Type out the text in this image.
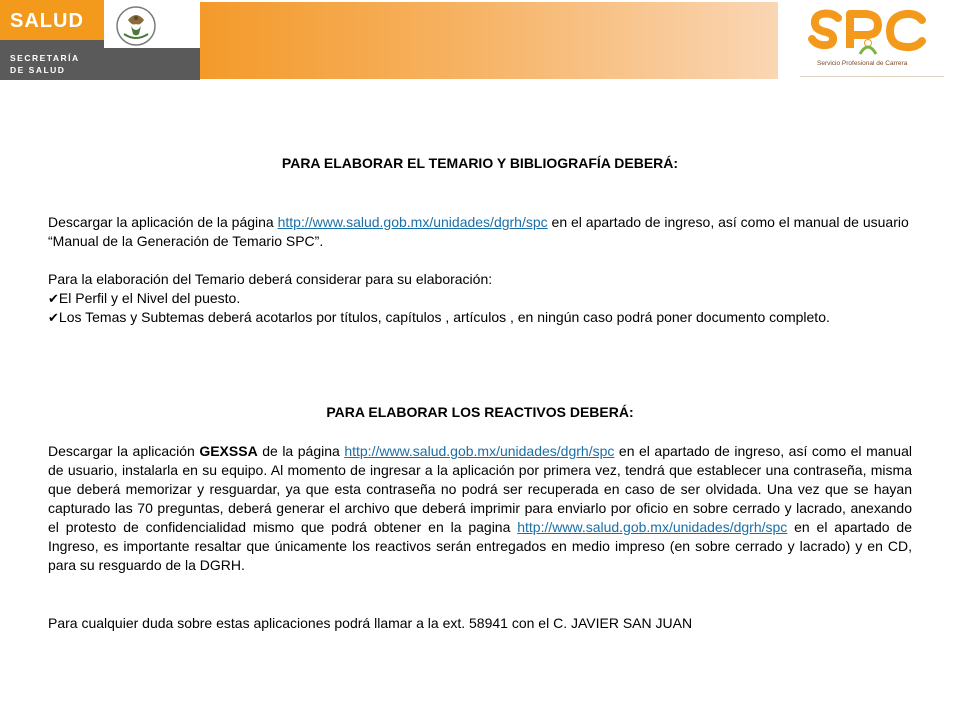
SALUD
SECRETARÍA
DE SALUD
Servicio Profesional de Carrera
PARA ELABORAR EL TEMARIO Y BIBLIOGRAFÍA DEBERÁ:
Descargar la aplicación de la página http://www.salud.gob.mx/unidades/dgrh/spc en el apartado de ingreso, así como el manual de usuario “Manual de la Generación de Temario SPC”.
Para la elaboración del Temario deberá considerar para su elaboración:
✔El Perfil y el Nivel del puesto.
✔Los Temas y Subtemas deberá acotarlos por títulos, capítulos , artículos , en ningún caso podrá poner documento completo.
PARA ELABORAR LOS REACTIVOS DEBERÁ:
Descargar la aplicación GEXSSA de la página http://www.salud.gob.mx/unidades/dgrh/spc en el apartado de ingreso, así como el manual de usuario, instalarla en su equipo. Al momento de ingresar a la aplicación por primera vez, tendrá que establecer una contraseña, misma que deberá memorizar y resguardar, ya que esta contraseña no podrá ser recuperada en caso de ser olvidada. Una vez que se hayan capturado las 70 preguntas, deberá generar el archivo que deberá imprimir para enviarlo por oficio en sobre cerrado y lacrado, anexando el protesto de confidencialidad mismo que podrá obtener en la pagina http://www.salud.gob.mx/unidades/dgrh/spc en el apartado de Ingreso, es importante resaltar que únicamente los reactivos serán entregados en medio impreso (en sobre cerrado y lacrado) y en CD, para su resguardo de la DGRH.
Para cualquier duda sobre estas aplicaciones podrá llamar a la ext. 58941 con el C. JAVIER SAN JUAN
